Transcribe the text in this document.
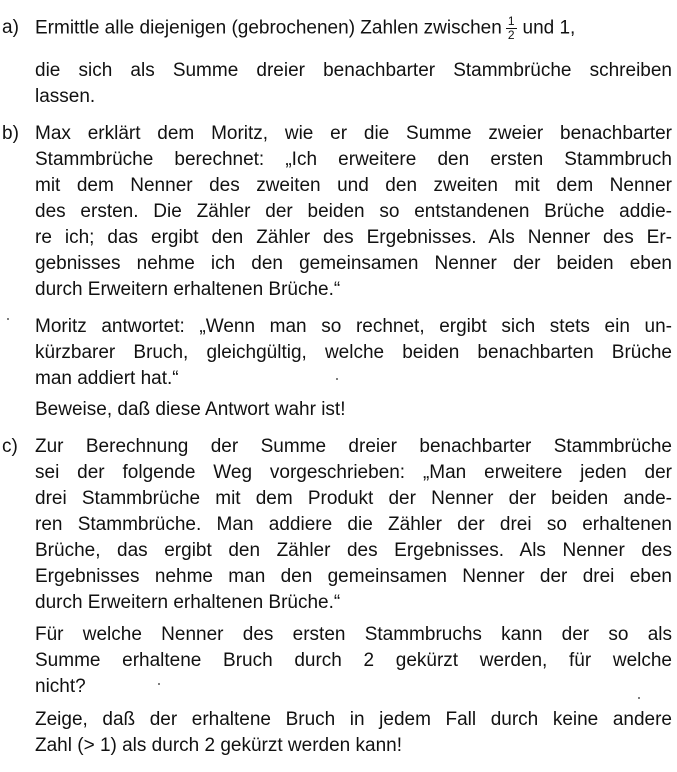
a) Ermittle alle diejenigen (gebrochenen) Zahlen zwischen $\frac{1}{2}$ und 1,
die sich als Summe dreier benachbarter Stammbrüche schreiben
lassen.
b) Max erklärt dem Moritz, wie er die Summe zweier benachbarter
Stammbrüche berechnet: „Ich erweitere den ersten Stammbruch
mit dem Nenner des zweiten und den zweiten mit dem Nenner
des ersten. Die Zähler der beiden so entstandenen Brüche addie-
re ich; das ergibt den Zähler des Ergebnisses. Als Nenner des Er-
gebnisses nehme ich den gemeinsamen Nenner der beiden eben
durch Erweitern erhaltenen Brüche.“
Moritz antwortet: „Wenn man so rechnet, ergibt sich stets ein un-
kürzbarer Bruch, gleichgültig, welche beiden benachbarten Brüche
man addiert hat.“
Beweise, daß diese Antwort wahr ist!
c) Zur Berechnung der Summe dreier benachbarter Stammbrüche
sei der folgende Weg vorgeschrieben: „Man erweitere jeden der
drei Stammbrüche mit dem Produkt der Nenner der beiden ande-
ren Stammbrüche. Man addiere die Zähler der drei so erhaltenen
Brüche, das ergibt den Zähler des Ergebnisses. Als Nenner des
Ergebnisses nehme man den gemeinsamen Nenner der drei eben
durch Erweitern erhaltenen Brüche.“
Für welche Nenner des ersten Stammbruchs kann der so als
Summe erhaltene Bruch durch 2 gekürzt werden, für welche
nicht?
Zeige, daß der erhaltene Bruch in jedem Fall durch keine andere
Zahl (> 1) als durch 2 gekürzt werden kann!
